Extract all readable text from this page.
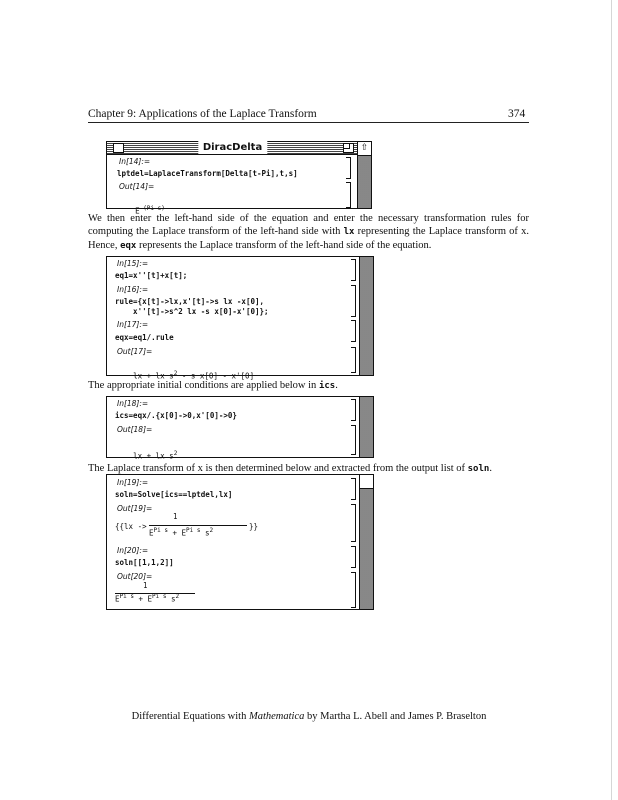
Chapter 9: Applications of the Laplace Transform	374
DiracDelta	⇧
In[14]:=
lptdel=LaplaceTransform[Delta[t-Pi],t,s]
Out[14]=

$E^{-(Pi s)}$

We then enter the left-hand side of the equation and enter the necessary transformation rules for computing the Laplace transform of the left-hand side with lx representing the Laplace transform of x. Hence, eqx represents the Laplace transform of the left-hand side of the equation.
In[15]:=
eq1=x''[t]+x[t];
In[16]:=
rule={x[t]->lx,x'[t]->s lx -x[0],
x''[t]->s^2 lx -s x[0]-x'[0]};
In[17]:=
eqx=eq1/.rule
Out[17]=

lx + lx $s^2$ - s x[0] - x'[0]

The appropriate initial conditions are applied below in ics.
In[18]:=
ics=eqx/.{x[0]->0,x'[0]->0}
Out[18]=

lx + lx $s^2$

The Laplace transform of x is then determined below and extracted from the output list of soln.
In[19]:=
soln=Solve[ics==lptdel,lx]
Out[19]=
{{lx ->
1
$E^{Pi s} + E^{Pi s}$ $s^2$	}}
In[20]:=
soln[[1,1,2]]
Out[20]=
1
$E^{Pi s} + E^{Pi s}$ $s^2$
Differential Equations with Mathematica by Martha L. Abell and James P. Braselton
